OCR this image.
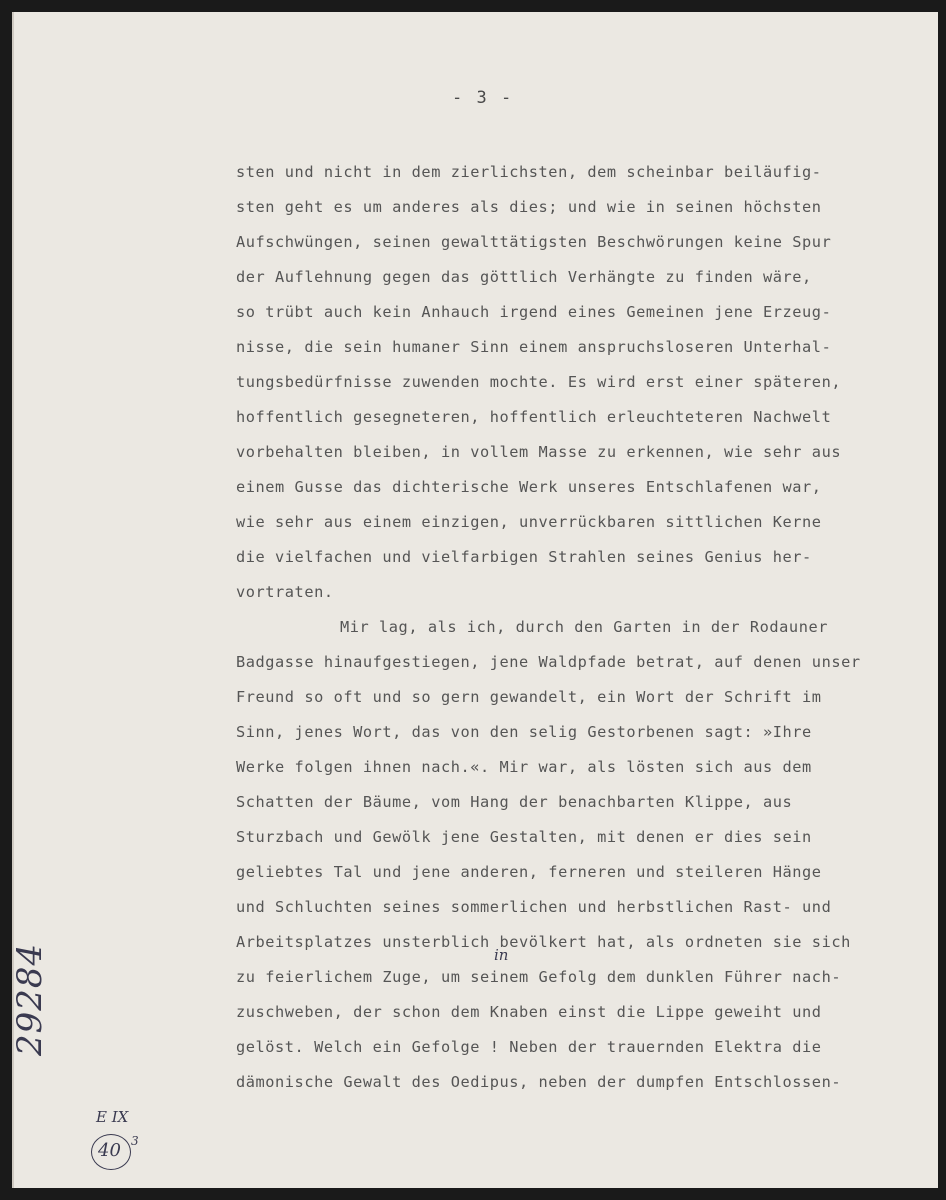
- 3 -
sten und nicht in dem zierlichsten, dem scheinbar beiläufig-
sten geht es um anderes als dies; und wie in seinen höchsten
Aufschwüngen, seinen gewalttätigsten Beschwörungen keine Spur
der Auflehnung gegen das göttlich Verhängte zu finden wäre,
so trübt auch kein Anhauch irgend eines Gemeinen jene Erzeug-
nisse, die sein humaner Sinn einem anspruchsloseren Unterhal-
tungsbedürfnisse zuwenden mochte. Es wird erst einer späteren,
hoffentlich gesegneteren, hoffentlich erleuchteteren Nachwelt
vorbehalten bleiben, in vollem Masse zu erkennen, wie sehr aus
einem Gusse das dichterische Werk unseres Entschlafenen war,
wie sehr aus einem einzigen, unverrückbaren sittlichen Kerne
die vielfachen und vielfarbigen Strahlen seines Genius her-
vortraten.
Mir lag, als ich, durch den Garten in der Rodauner
Badgasse hinaufgestiegen, jene Waldpfade betrat, auf denen unser
Freund so oft und so gern gewandelt, ein Wort der Schrift im
Sinn, jenes Wort, das von den selig Gestorbenen sagt: »Ihre
Werke folgen ihnen nach.«. Mir war, als lösten sich aus dem
Schatten der Bäume, vom Hang der benachbarten Klippe, aus
Sturzbach und Gewölk jene Gestalten, mit denen er dies sein
geliebtes Tal und jene anderen, ferneren und steileren Hänge
und Schluchten seines sommerlichen und herbstlichen Rast- und
Arbeitsplatzes unsterblich bevölkert hat, als ordneten sie sich
zu feierlichem Zuge, um seinem Gefolg dem dunklen Führer nach-
zuschweben, der schon dem Knaben einst die Lippe geweiht und
gelöst. Welch ein Gefolge ! Neben der trauernden Elektra die
dämonische Gewalt des Oedipus, neben der dumpfen Entschlossen-
in
29284
E IX
40 3
